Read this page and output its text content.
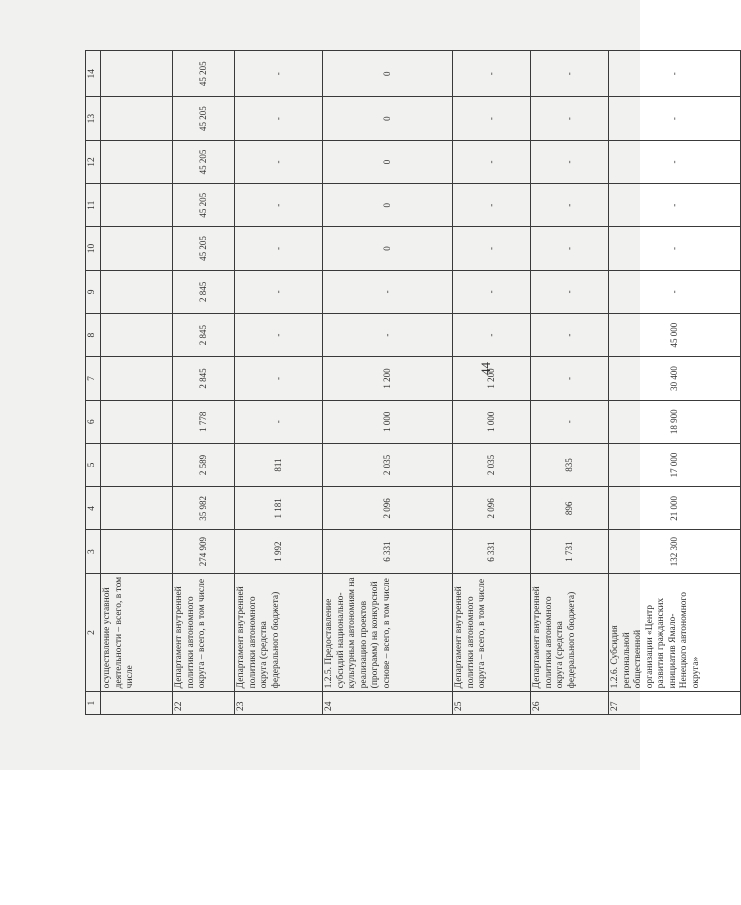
44
1	2	3	4	5	6	7	8	9	10	11	12	13	14
	осуществление уставной деятельности – всего, в том числе												
22	Департамент внутренней политики автономного округа – всего, в том числе	274 909	35 982	2 589	1 778	2 845	2 845	2 845	45 205	45 205	45 205	45 205	45 205
23	Департамент внутренней политики автономного округа (средства федерального бюджета)	1 992	1 181	811	-	-	-	-	-	-	-	-	-
24	1.2.5. Предоставление субсидий национально-культурным автономиям на реализацию проектов (программ) на конкурсной основе – всего, в том числе	6 331	2 096	2 035	1 000	1 200	-	-	0	0	0	0	0
25	Департамент внутренней политики автономного округа – всего, в том числе	6 331	2 096	2 035	1 000	1 200	-	-	-	-	-	-	-
26	Департамент внутренней политики автономного округа (средства федерального бюджета)	1 731	896	835	-	-	-	-	-	-	-	-	-
27	1.2.6. Субсидия региональной общественной организации «Центр развития гражданских инициатив Ямало-Ненецкого автономного округа»	132 300	21 000	17 000	18 900	30 400	45 000	-	-	-	-	-	-
